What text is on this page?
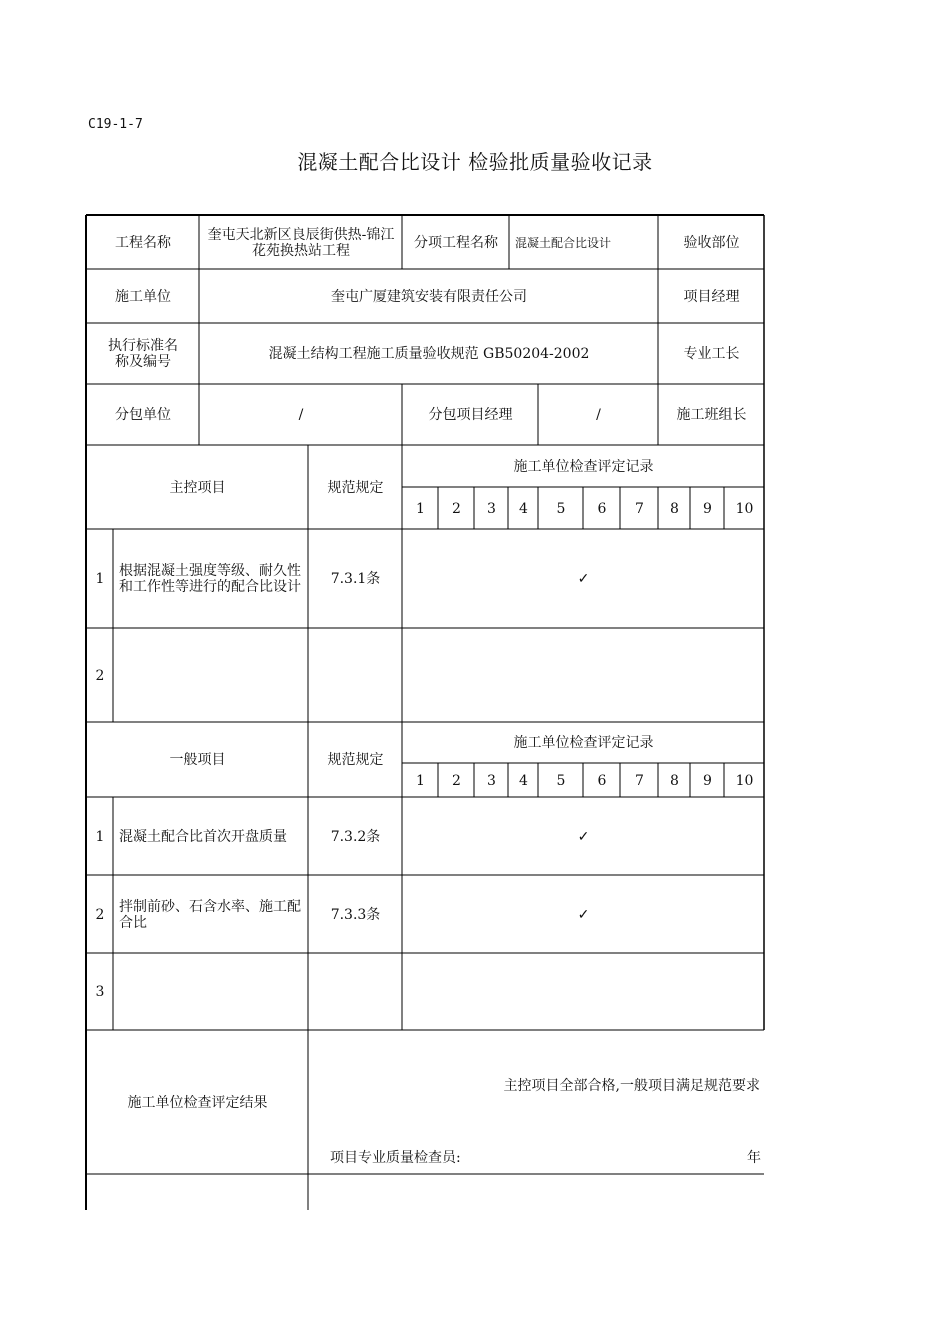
C19-1-7
混凝土配合比设计 检验批质量验收记录
工程名称	奎屯天北新区良辰街供热-锦江花苑换热站工程	分项工程名称	混凝土配合比设计	验收部位
施工单位	奎屯广厦建筑安装有限责任公司	项目经理
执行标准名称及编号	混凝土结构工程施工质量验收规范 GB50204-2002	专业工长
分包单位	/	分包项目经理	/	施工班组长
主控项目	规范规定
施工单位检查评定记录
1	2	3	4	5	6	7	8	9	10
1	根据混凝土强度等级、耐久性和工作性等进行的配合比设计	7.3.1条	✓
2
一般项目	规范规定
施工单位检查评定记录
1	2	3	4	5	6	7	8	9	10
1	混凝土配合比首次开盘质量	7.3.2条	✓
2	拌制前砂、石含水率、施工配合比	7.3.3条	✓
3
施工单位检查评定结果
主控项目全部合格,一般项目满足规范要求
项目专业质量检查员:	年
